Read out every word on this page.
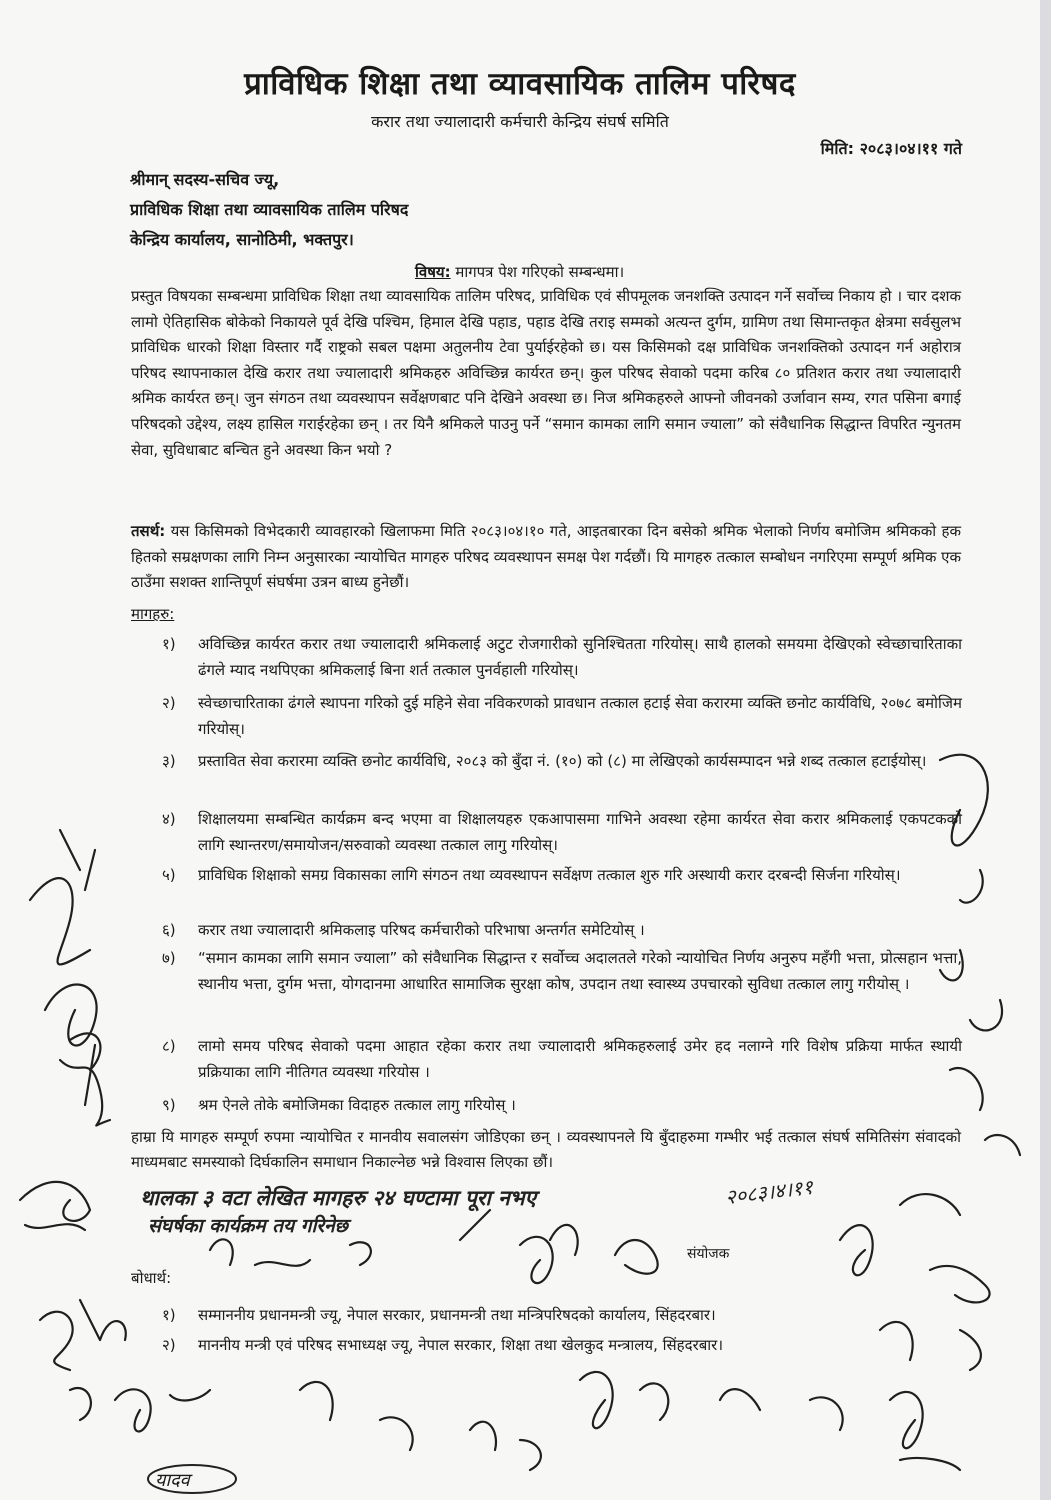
प्राविधिक शिक्षा तथा व्यावसायिक तालिम परिषद
करार तथा ज्यालादारी कर्मचारी केन्द्रिय संघर्ष समिति
मिति: २०८३।०४।११ गते
श्रीमान् सदस्य-सचिव ज्यू,
प्राविधिक शिक्षा तथा व्यावसायिक तालिम परिषद
केन्द्रिय कार्यालय, सानोठिमी, भक्तपुर।
विषय: मागपत्र पेश गरिएको सम्बन्धमा।
प्रस्तुत विषयका सम्बन्धमा प्राविधिक शिक्षा तथा व्यावसायिक तालिम परिषद, प्राविधिक एवं सीपमूलक जनशक्ति उत्पादन गर्ने सर्वोच्च निकाय हो । चार दशक लामो ऐतिहासिक बोकेको निकायले पूर्व देखि पश्चिम, हिमाल देखि पहाड, पहाड देखि तराइ सम्मको अत्यन्त दुर्गम, ग्रामिण तथा सिमान्तकृत क्षेत्रमा सर्वसुलभ प्राविधिक धारको शिक्षा विस्तार गर्दै राष्ट्रको सबल पक्षमा अतुलनीय टेवा पुर्याईरहेको छ। यस किसिमको दक्ष प्राविधिक जनशक्तिको उत्पादन गर्न अहोरात्र परिषद स्थापनाकाल देखि करार तथा ज्यालादारी श्रमिकहरु अविच्छिन्न कार्यरत छन्। कुल परिषद सेवाको पदमा करिब ८० प्रतिशत करार तथा ज्यालादारी श्रमिक कार्यरत छन्। जुन संगठन तथा व्यवस्थापन सर्वेक्षणबाट पनि देखिने अवस्था छ। निज श्रमिकहरुले आफ्नो जीवनको उर्जावान सम्य, रगत पसिना बगाई परिषदको उद्देश्य, लक्ष्य हासिल गराईरहेका छन् । तर यिनै श्रमिकले पाउनु पर्ने “समान कामका लागि समान ज्याला” को संवैधानिक सिद्धान्त विपरित न्युनतम सेवा, सुविधाबाट बन्चित हुने अवस्था किन भयो ?
तसर्थ: यस किसिमको विभेदकारी व्यावहारको खिलाफमा मिति २०८३।०४।१० गते, आइतबारका दिन बसेको श्रमिक भेलाको निर्णय बमोजिम श्रमिकको हक हितको सम्रक्षणका लागि निम्न अनुसारका न्यायोचित मागहरु परिषद व्यवस्थापन समक्ष पेश गर्दछौं। यि मागहरु तत्काल सम्बोधन नगरिएमा सम्पूर्ण श्रमिक एक ठाउँमा सशक्त शान्तिपूर्ण संघर्षमा उत्रन बाध्य हुनेछौं।
मागहरु:
१)	अविच्छिन्न कार्यरत करार तथा ज्यालादारी श्रमिकलाई अटुट रोजगारीको सुनिश्चितता गरियोस्। साथै हालको समयमा देखिएको स्वेच्छाचारिताका ढंगले म्याद नथपिएका श्रमिकलाई बिना शर्त तत्काल पुनर्वहाली गरियोस्।
२)	स्वेच्छाचारिताका ढंगले स्थापना गरिको दुई महिने सेवा नविकरणको प्रावधान तत्काल हटाई सेवा करारमा व्यक्ति छनोट कार्यविधि, २०७८ बमोजिम गरियोस्।
३)	प्रस्तावित सेवा करारमा व्यक्ति छनोट कार्यविधि, २०८३ को बुँदा नं. (१०) को (८) मा लेखिएको कार्यसम्पादन भन्ने शब्द तत्काल हटाईयोस्।
४)	शिक्षालयमा सम्बन्धित कार्यक्रम बन्द भएमा वा शिक्षालयहरु एकआपासमा गाभिने अवस्था रहेमा कार्यरत सेवा करार श्रमिकलाई एकपटकको लागि स्थान्तरण/समायोजन/सरुवाको व्यवस्था तत्काल लागु गरियोस्।
५)	प्राविधिक शिक्षाको समग्र विकासका लागि संगठन तथा व्यवस्थापन सर्वेक्षण तत्काल शुरु गरि अस्थायी करार दरबन्दी सिर्जना गरियोस्।
६)	करार तथा ज्यालादारी श्रमिकलाइ परिषद कर्मचारीको परिभाषा अन्तर्गत समेटियोस् ।
७)	“समान कामका लागि समान ज्याला” को संवैधानिक सिद्धान्त र सर्वोच्च अदालतले गरेको न्यायोचित निर्णय अनुरुप महँगी भत्ता, प्रोत्सहान भत्ता, स्थानीय भत्ता, दुर्गम भत्ता, योगदानमा आधारित सामाजिक सुरक्षा कोष, उपदान तथा स्वास्थ्य उपचारको सुविधा तत्काल लागु गरीयोस् ।
८)	लामो समय परिषद सेवाको पदमा आहात रहेका करार तथा ज्यालादारी श्रमिकहरुलाई उमेर हद नलाग्ने गरि विशेष प्रक्रिया मार्फत स्थायी प्रक्रियाका लागि नीतिगत व्यवस्था गरियोस ।
९)	श्रम ऐनले तोके बमोजिमका विदाहरु तत्काल लागु गरियोस् ।
हाम्रा यि मागहरु सम्पूर्ण रुपमा न्यायोचित र मानवीय सवालसंग जोडिएका छन् । व्यवस्थापनले यि बुँदाहरुमा गम्भीर भई तत्काल संघर्ष समितिसंग संवादको माध्यमबाट समस्याको दिर्घकालिन समाधान निकाल्नेछ भन्ने विश्वास लिएका छौं।
थालका ३ वटा लेखित मागहरु २४ घण्टामा पूरा नभए
संघर्षका कार्यक्रम तय गरिनेछ
२०८३।४।११
संयोजक
बोधार्थ:
१) सम्माननीय प्रधानमन्त्री ज्यू, नेपाल सरकार, प्रधानमन्त्री तथा मन्त्रिपरिषदको कार्यालय, सिंहदरबार।
२) माननीय मन्त्री एवं परिषद सभाध्यक्ष ज्यू, नेपाल सरकार, शिक्षा तथा खेलकुद मन्त्रालय, सिंहदरबार।
यादव
